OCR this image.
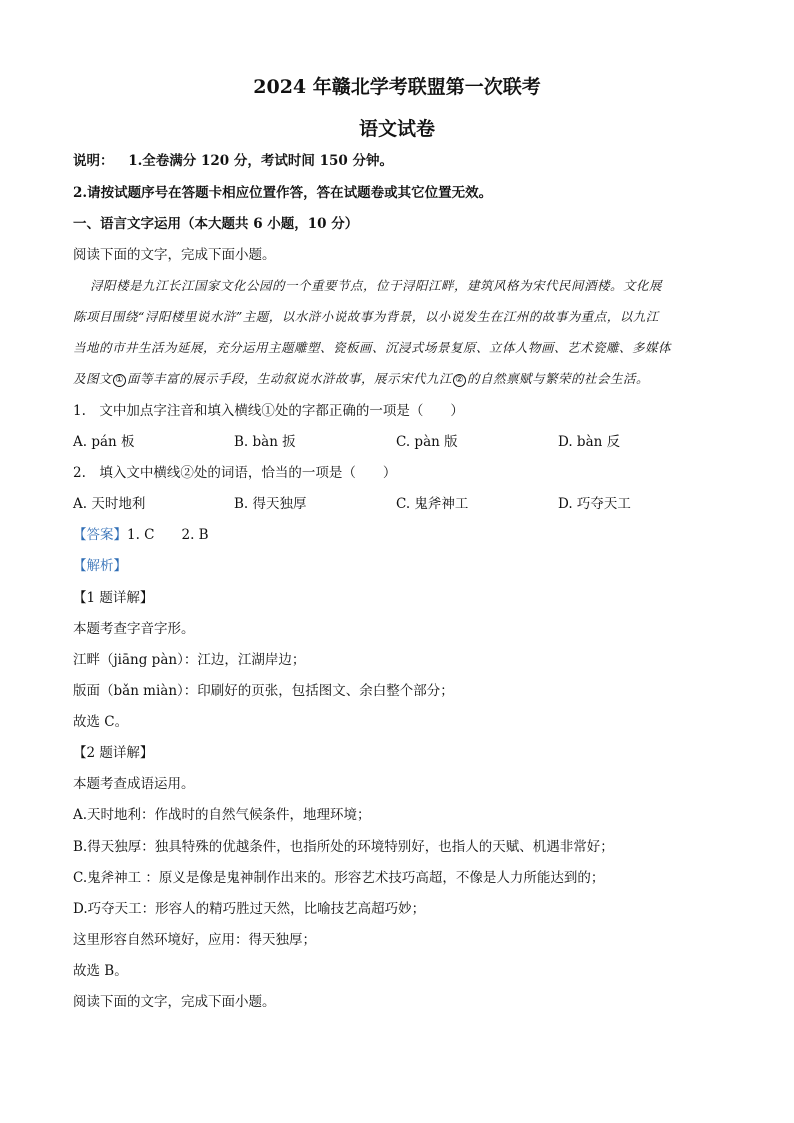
2024 年赣北学考联盟第一次联考
语文试卷
说明： 1.全卷满分 120 分，考试时间 150 分钟。
2.请按试题序号在答题卡相应位置作答，答在试题卷或其它位置无效。
一、语言文字运用（本大题共 6 小题，10 分）
阅读下面的文字，完成下面小题。
浔阳楼是九江长江国家文化公园的一个重要节点，位于浔阳江畔，建筑风格为宋代民间酒楼。文化展
陈项目围绕“浔阳楼里说水浒”主题，以水浒小说故事为背景，以小说发生在江州的故事为重点，以九江
当地的市井生活为延展，充分运用主题雕塑、瓷板画、沉浸式场景复原、立体人物画、艺术瓷雕、多媒体
及图文 ① 面等丰富的展示手段，生动叙说水浒故事，展示宋代九江 ② 的自然禀赋与繁荣的社会生活。
1.　文中加点字注音和填入横线①处的字都正确的一项是（　　）
A. pán 板	B. bàn 扳	C. pàn 版	D. bàn 反
2.　填入文中横线②处的词语，恰当的一项是（　　）
A. 天时地利	B. 得天独厚	C. 鬼斧神工	D. 巧夺天工
【答案】1. C　　2. B
【解析】
【1 题详解】
本题考查字音字形。
江畔（jiāng pàn）：江边，江湖岸边；
版面（bǎn miàn）：印刷好的页张，包括图文、余白整个部分；
故选 C。
【2 题详解】
本题考查成语运用。
A.天时地利：作战时的自然气候条件，地理环境；
B.得天独厚：独具特殊的优越条件，也指所处的环境特别好，也指人的天赋、机遇非常好；
C.鬼斧神工 ：原义是像是鬼神制作出来的。形容艺术技巧高超，不像是人力所能达到的；
D.巧夺天工：形容人的精巧胜过天然，比喻技艺高超巧妙；
这里形容自然环境好，应用：得天独厚；
故选 B。
阅读下面的文字，完成下面小题。
